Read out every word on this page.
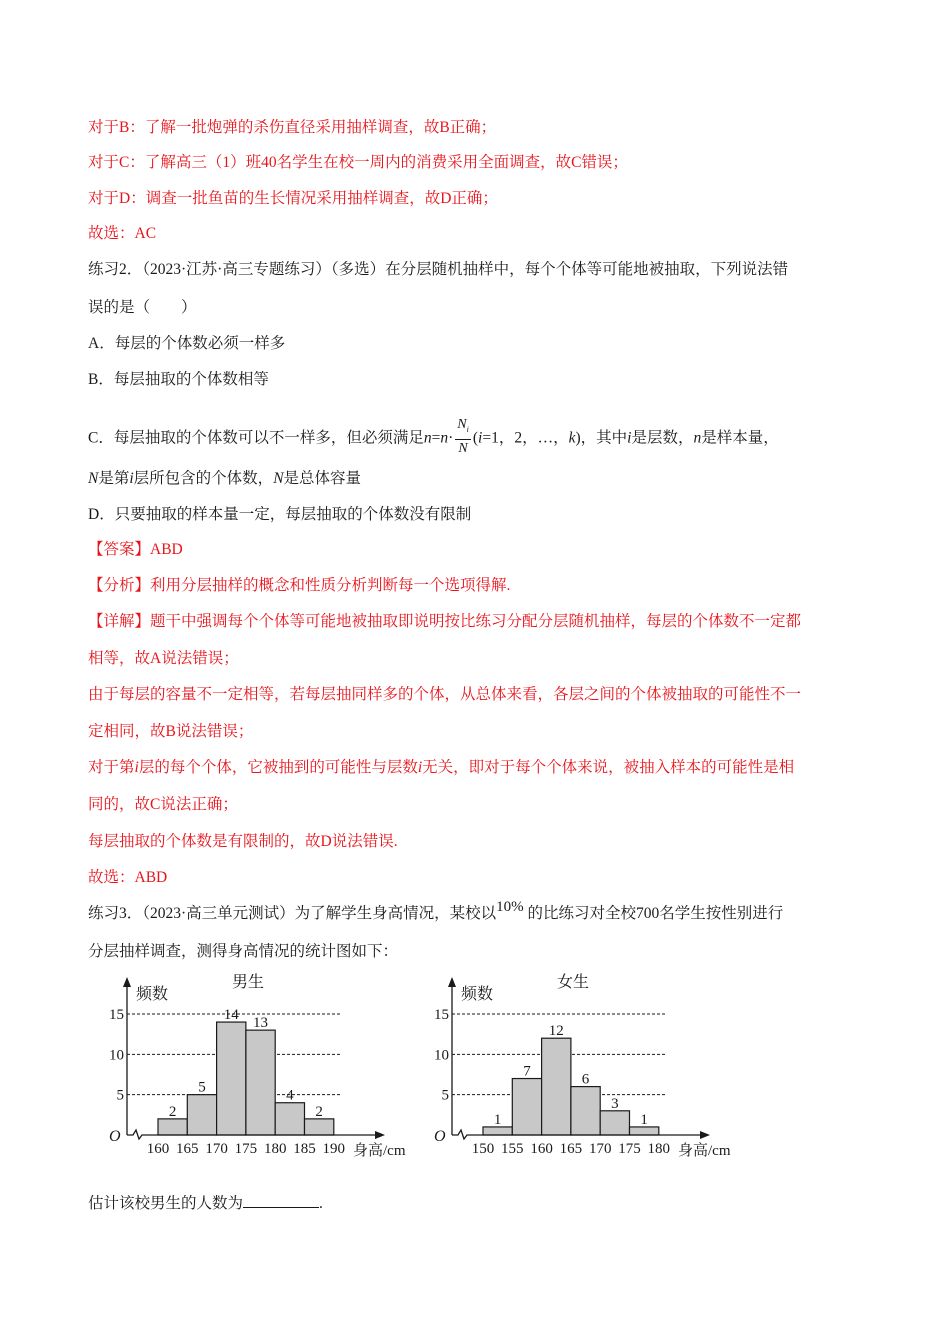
对于B：了解一批炮弹的杀伤直径采用抽样调查，故B正确；
对于C：了解高三（1）班40名学生在校一周内的消费采用全面调查，故C错误；
对于D：调查一批鱼苗的生长情况采用抽样调查，故D正确；
故选：AC
练习2．（2023·江苏·高三专题练习）（多选）在分层随机抽样中，每个个体等可能地被抽取，下列说法错
误的是（　　）
A．每层的个体数必须一样多
B．每层抽取的个体数相等
C．每层抽取的个体数可以不一样多，但必须满足$n=n\cdot \frac{N_i}{N} (i=1$，2，…，k)，其中i是层数，n是样本量，
N是第i层所包含的个体数，N是总体容量
D．只要抽取的样本量一定，每层抽取的个体数没有限制
【答案】ABD
【分析】利用分层抽样的概念和性质分析判断每一个选项得解.
【详解】题干中强调每个个体等可能地被抽取即说明按比练习分配分层随机抽样，每层的个体数不一定都
相等，故A说法错误；
由于每层的容量不一定相等，若每层抽同样多的个体，从总体来看，各层之间的个体被抽取的可能性不一
定相同，故B说法错误；
对于第i层的每个个体，它被抽到的可能性与层数i无关，即对于每个个体来说，被抽入样本的可能性是相
同的，故C说法正确；
每层抽取的个体数是有限制的，故D说法错误.
故选：ABD
练习3．（2023·高三单元测试）为了解学生身高情况，某校以10% 的比练习对全校700名学生按性别进行
分层抽样调查，测得身高情况的统计图如下：
5
10
15
2
5
14
13
4
2
160 165 170 175 180 185 190
O
频数
男生
身高/cm
5
10
15
1
7
12
6
3
1
150 155 160 165 170 175 180
O
频数
女生
身高/cm
估计该校男生的人数为	.
